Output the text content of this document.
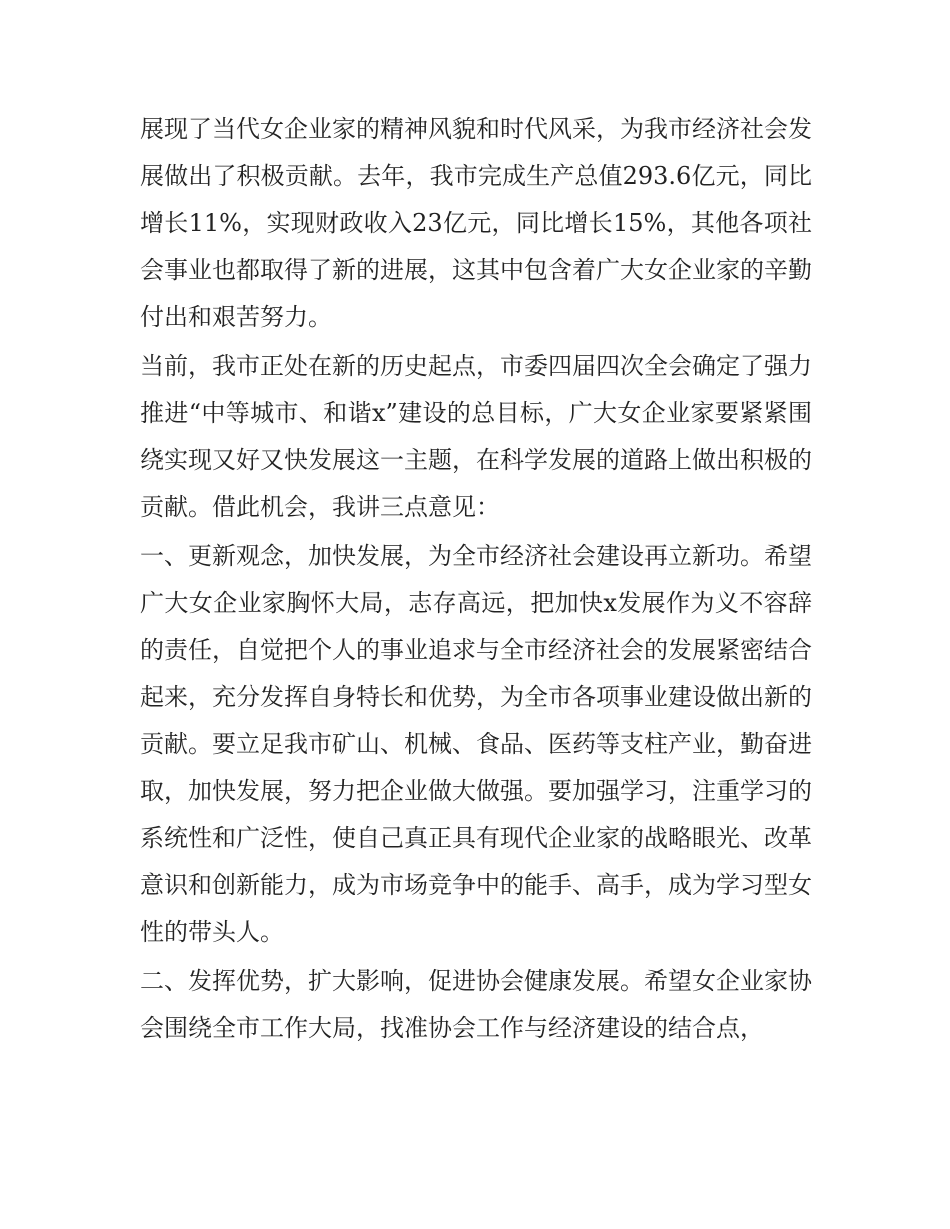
展现了当代女企业家的精神风貌和时代风采，为我市经济社会发展做出了积极贡献。去年，我市完成生产总值293.6亿元，同比增长11%，实现财政收入23亿元，同比增长15%，其他各项社会事业也都取得了新的进展，这其中包含着广大女企业家的辛勤付出和艰苦努力。

当前，我市正处在新的历史起点，市委四届四次全会确定了强力推进“中等城市、和谐x”建设的总目标，广大女企业家要紧紧围绕实现又好又快发展这一主题，在科学发展的道路上做出积极的贡献。借此机会，我讲三点意见：

一、更新观念，加快发展，为全市经济社会建设再立新功。希望广大女企业家胸怀大局，志存高远，把加快x发展作为义不容辞的责任，自觉把个人的事业追求与全市经济社会的发展紧密结合起来，充分发挥自身特长和优势，为全市各项事业建设做出新的贡献。要立足我市矿山、机械、食品、医药等支柱产业，勤奋进取，加快发展，努力把企业做大做强。要加强学习，注重学习的系统性和广泛性，使自己真正具有现代企业家的战略眼光、改革意识和创新能力，成为市场竞争中的能手、高手，成为学习型女性的带头人。

二、发挥优势，扩大影响，促进协会健康发展。希望女企业家协会围绕全市工作大局，找准协会工作与经济建设的结合点，
